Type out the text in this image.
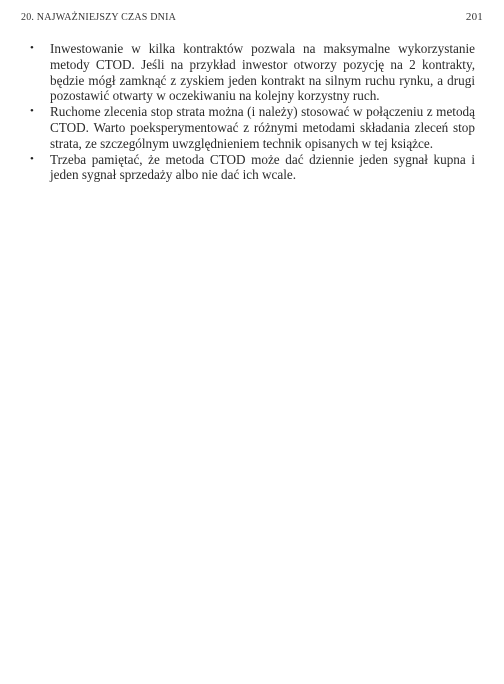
20. NAJWAŻNIEJSZY CZAS DNIA	201
•	Inwestowanie w kilka kontraktów pozwala na maksymalne wykorzystanie metody CTOD. Jeśli na przykład inwestor otworzy pozycję na 2 kontrakty, będzie mógł zamknąć z zyskiem jeden kontrakt na silnym ruchu rynku, a drugi pozostawić otwarty w oczekiwaniu na kolejny korzystny ruch.
•	Ruchome zlecenia stop strata można (i należy) stosować w połączeniu z metodą CTOD. Warto poeksperymentować z różnymi metodami składania zleceń stop strata, ze szczególnym uwzględnieniem technik opisanych w tej książce.
•	Trzeba pamiętać, że metoda CTOD może dać dziennie jeden sygnał kupna i jeden sygnał sprzedaży albo nie dać ich wcale.
